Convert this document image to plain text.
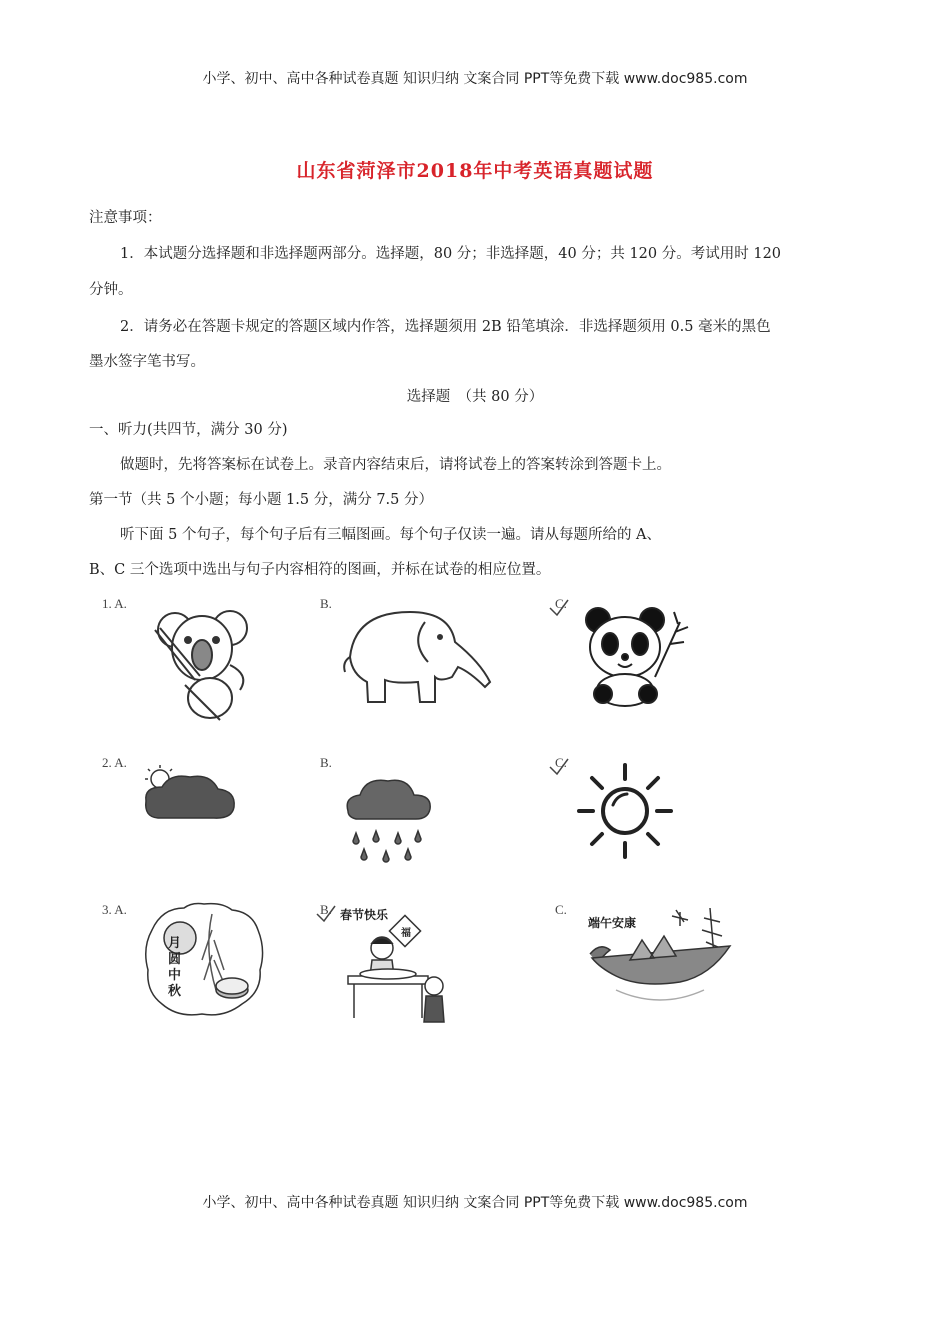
小学、初中、高中各种试卷真题 知识归纳 文案合同 PPT等免费下载 www.doc985.com
山东省菏泽市2018年中考英语真题试题
注意事项：
1．本试题分选择题和非选择题两部分。选择题，80 分；非选择题，40 分；共 120 分。考试用时 120
分钟。
2．请务必在答题卡规定的答题区域内作答，选择题须用 2B 铅笔填涂．非选择题须用 0.5 毫米的黑色
墨水签字笔书写。
选择题　（共 80 分）
一、听力(共四节，满分 30 分)
做题时，先将答案标在试卷上。录音内容结束后，请将试卷上的答案转涂到答题卡上。
第一节（共 5 个小题；每小题 1.5 分，满分 7.5 分）
听下面 5 个句子，每个句子后有三幅图画。每个句子仅读一遍。请从每题所给的 A、
B、C 三个选项中选出与句子内容相符的图画，并标在试卷的相应位置。
1. A.	B.	C.
2. A.	B.	C.
3. A.
月圆中秋
B. 春节快乐
福
C.
端午安康
小学、初中、高中各种试卷真题 知识归纳 文案合同 PPT等免费下载 www.doc985.com
